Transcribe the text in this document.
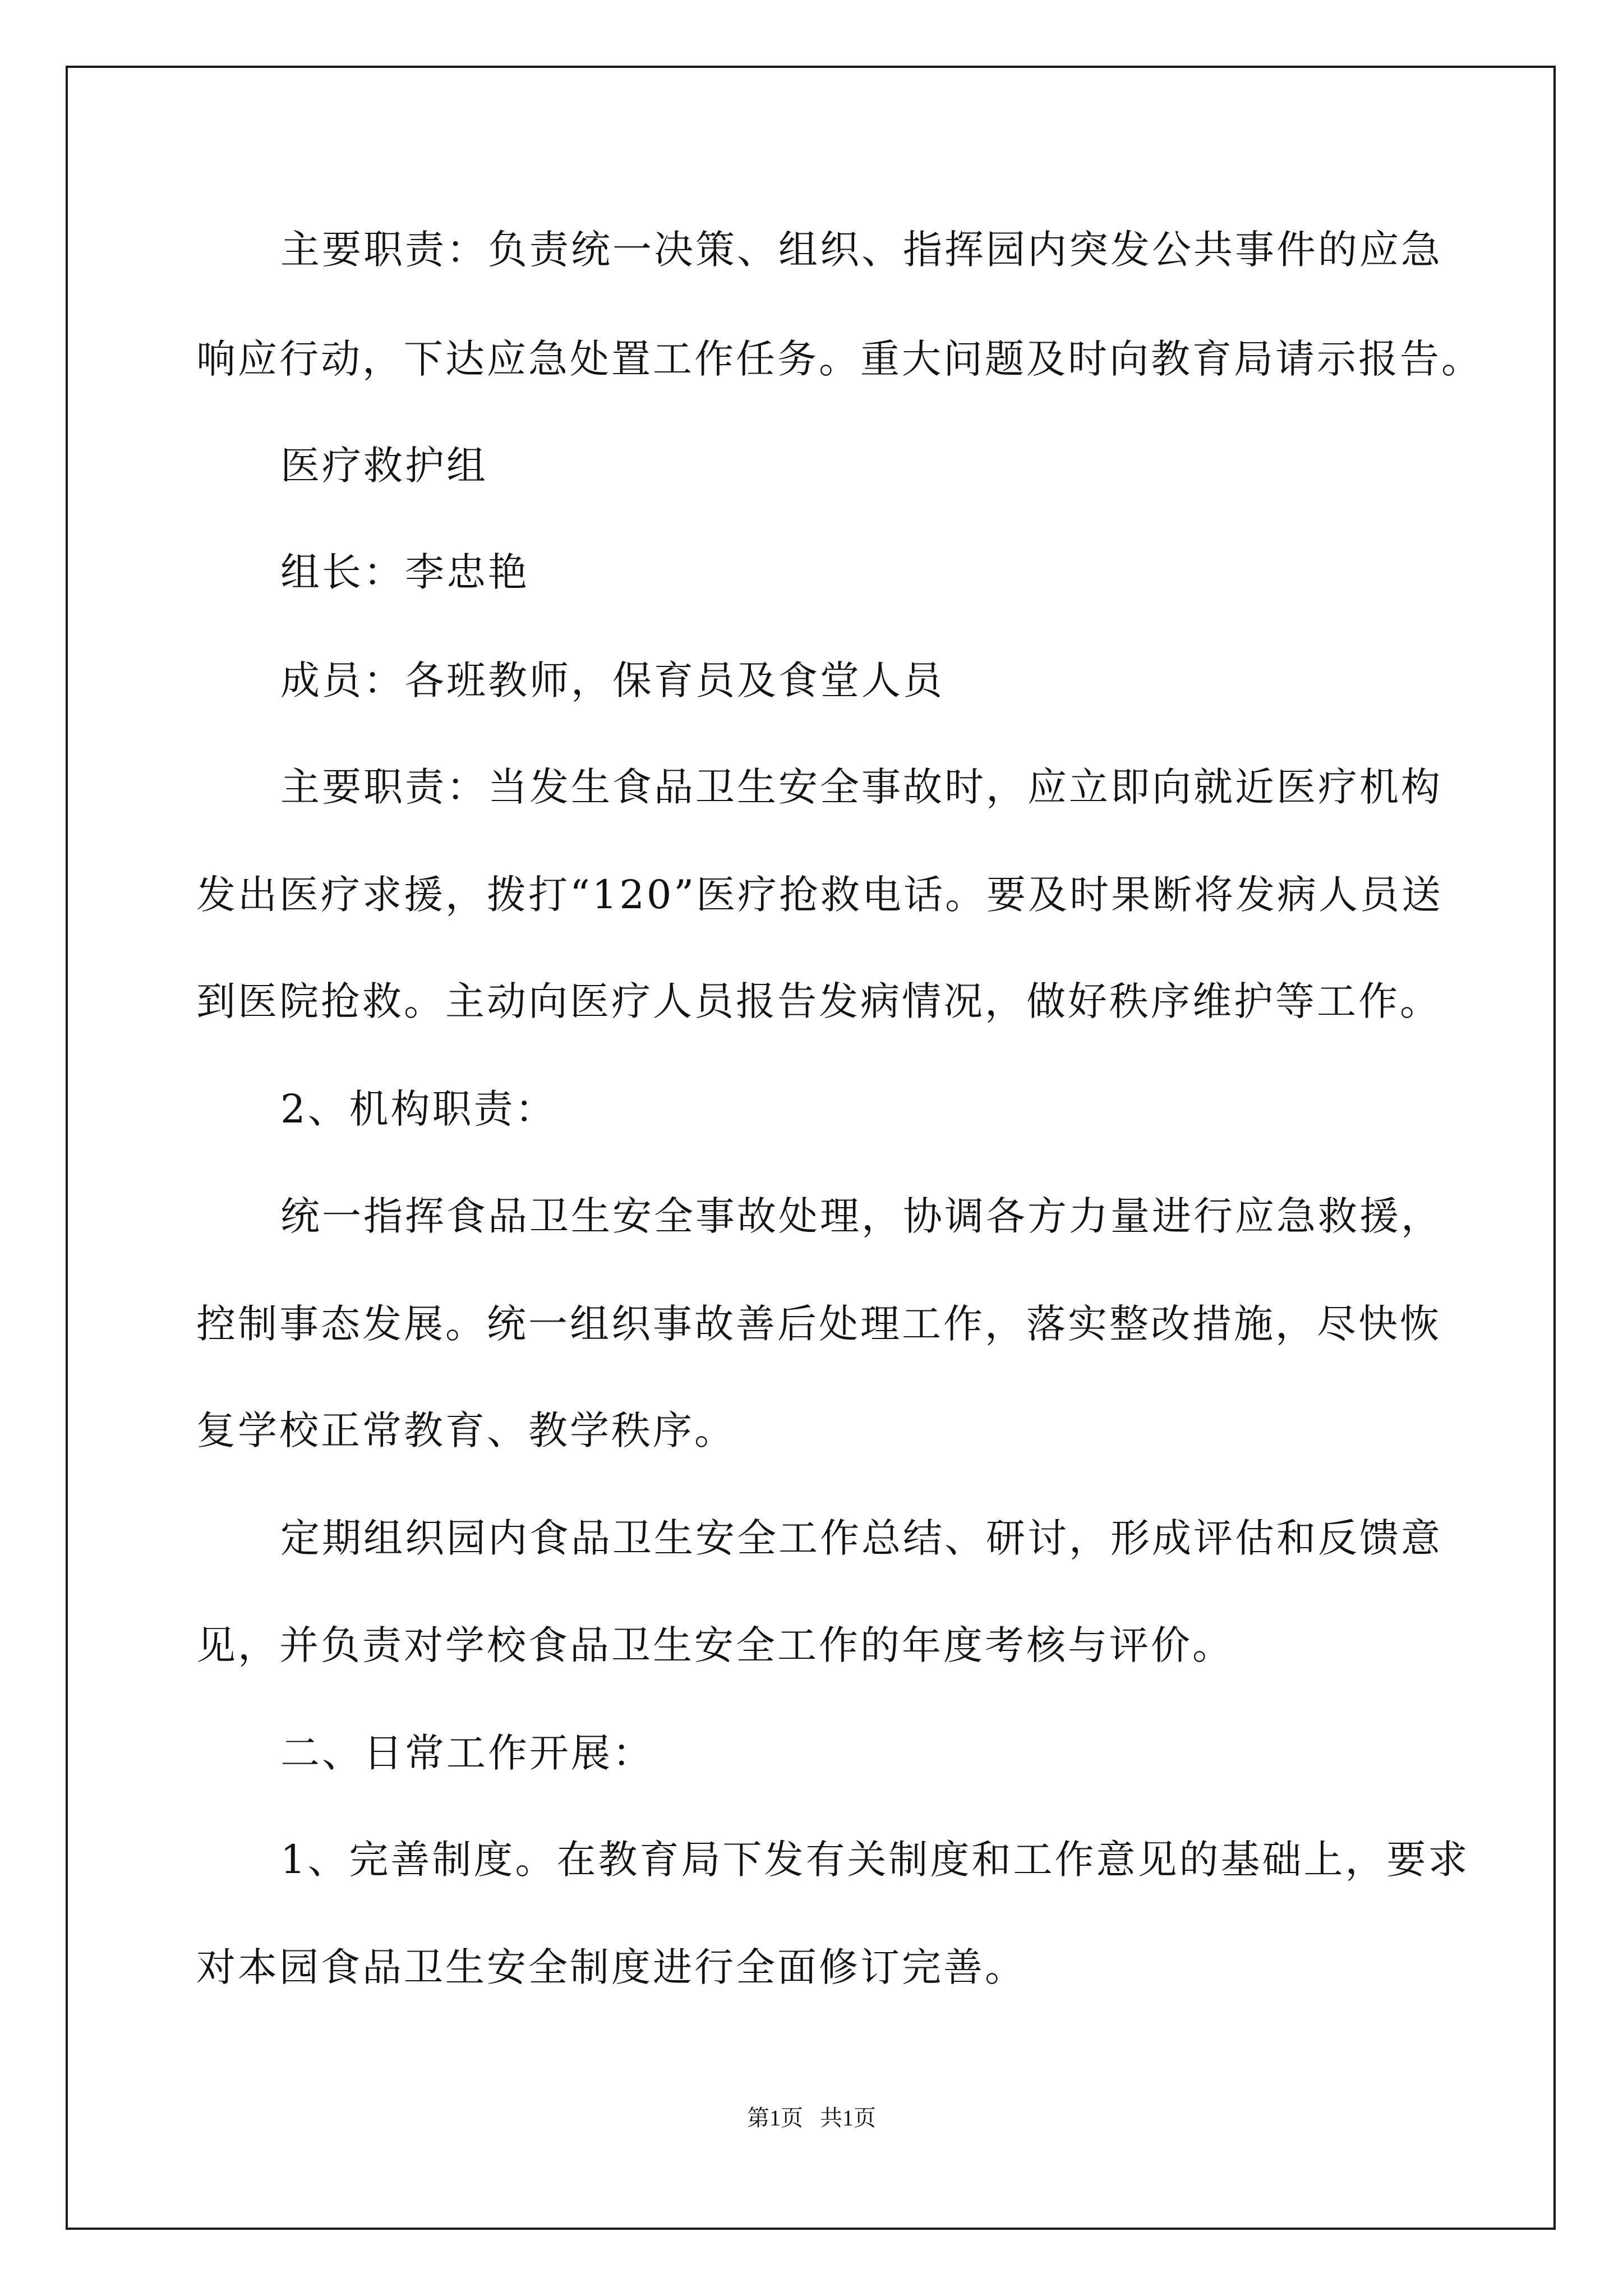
主要职责：负责统一决策、组织、指挥园内突发公共事件的应急
响应行动，下达应急处置工作任务。重大问题及时向教育局请示报告。
医疗救护组
组长：李忠艳
成员：各班教师，保育员及食堂人员
主要职责：当发生食品卫生安全事故时，应立即向就近医疗机构
发出医疗求援，拨打“120”医疗抢救电话。要及时果断将发病人员送
到医院抢救。主动向医疗人员报告发病情况，做好秩序维护等工作。
2、机构职责：
统一指挥食品卫生安全事故处理，协调各方力量进行应急救援，
控制事态发展。统一组织事故善后处理工作，落实整改措施，尽快恢
复学校正常教育、教学秩序。
定期组织园内食品卫生安全工作总结、研讨，形成评估和反馈意
见，并负责对学校食品卫生安全工作的年度考核与评价。
二、日常工作开展：
1、完善制度。在教育局下发有关制度和工作意见的基础上，要求
对本园食品卫生安全制度进行全面修订完善。
第1页   共1页
